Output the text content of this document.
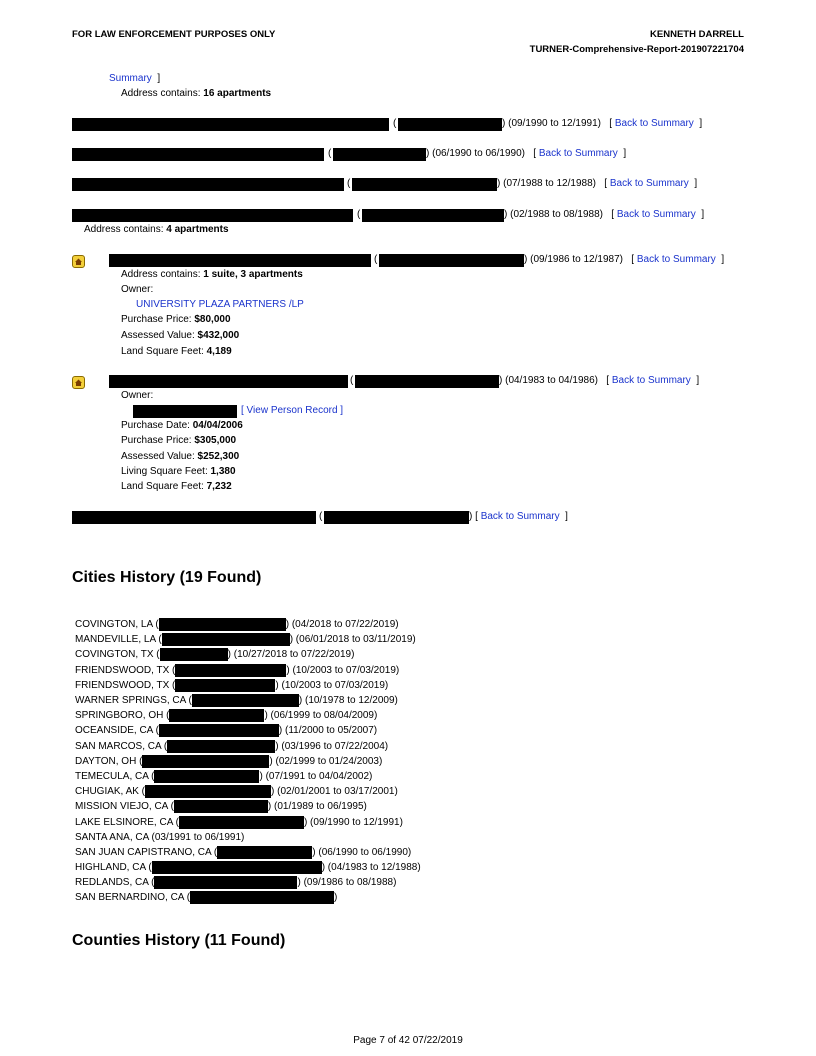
FOR LAW ENFORCEMENT PURPOSES ONLY	KENNETH DARRELL
TURNER-Comprehensive-Report-201907221704
Summary ]
Address contains: 16 apartments
(	) (09/1990 to 12/1991)   [ Back to Summary  ]
(	) (06/1990 to 06/1990)   [ Back to Summary  ]
(	) (07/1988 to 12/1988)   [ Back to Summary  ]
(	) (02/1988 to 08/1988)   [ Back to Summary  ]
Address contains: 4 apartments
(	) (09/1986 to 12/1987)   [ Back to Summary  ]
Address contains: 1 suite, 3 apartments
Owner:
UNIVERSITY PLAZA PARTNERS /LP
Purchase Price: $80,000
Assessed Value: $432,000
Land Square Feet: 4,189
(	) (04/1983 to 04/1986)   [ Back to Summary  ]
Owner:
[ View Person Record ]
Purchase Date: 04/04/2006
Purchase Price: $305,000
Assessed Value: $252,300
Living Square Feet: 1,380
Land Square Feet: 7,232
(	) [ Back to Summary  ]
Cities History (19 Found)
COVINGTON, LA (	) (04/2018 to 07/22/2019)
MANDEVILLE, LA (	) (06/01/2018 to 03/11/2019)
COVINGTON, TX (	) (10/27/2018 to 07/22/2019)
FRIENDSWOOD, TX (	) (10/2003 to 07/03/2019)
FRIENDSWOOD, TX (	) (10/2003 to 07/03/2019)
WARNER SPRINGS, CA (	) (10/1978 to 12/2009)
SPRINGBORO, OH (	) (06/1999 to 08/04/2009)
OCEANSIDE, CA (	) (11/2000 to 05/2007)
SAN MARCOS, CA (	) (03/1996 to 07/22/2004)
DAYTON, OH (	) (02/1999 to 01/24/2003)
TEMECULA, CA (	) (07/1991 to 04/04/2002)
CHUGIAK, AK (	) (02/01/2001 to 03/17/2001)
MISSION VIEJO, CA (	) (01/1989 to 06/1995)
LAKE ELSINORE, CA (	) (09/1990 to 12/1991)
SANTA ANA, CA (03/1991 to 06/1991)
SAN JUAN CAPISTRANO, CA (	) (06/1990 to 06/1990)
HIGHLAND, CA (	) (04/1983 to 12/1988)
REDLANDS, CA (	) (09/1986 to 08/1988)
SAN BERNARDINO, CA (	)
Counties History (11 Found)
Page 7 of 42 07/22/2019
